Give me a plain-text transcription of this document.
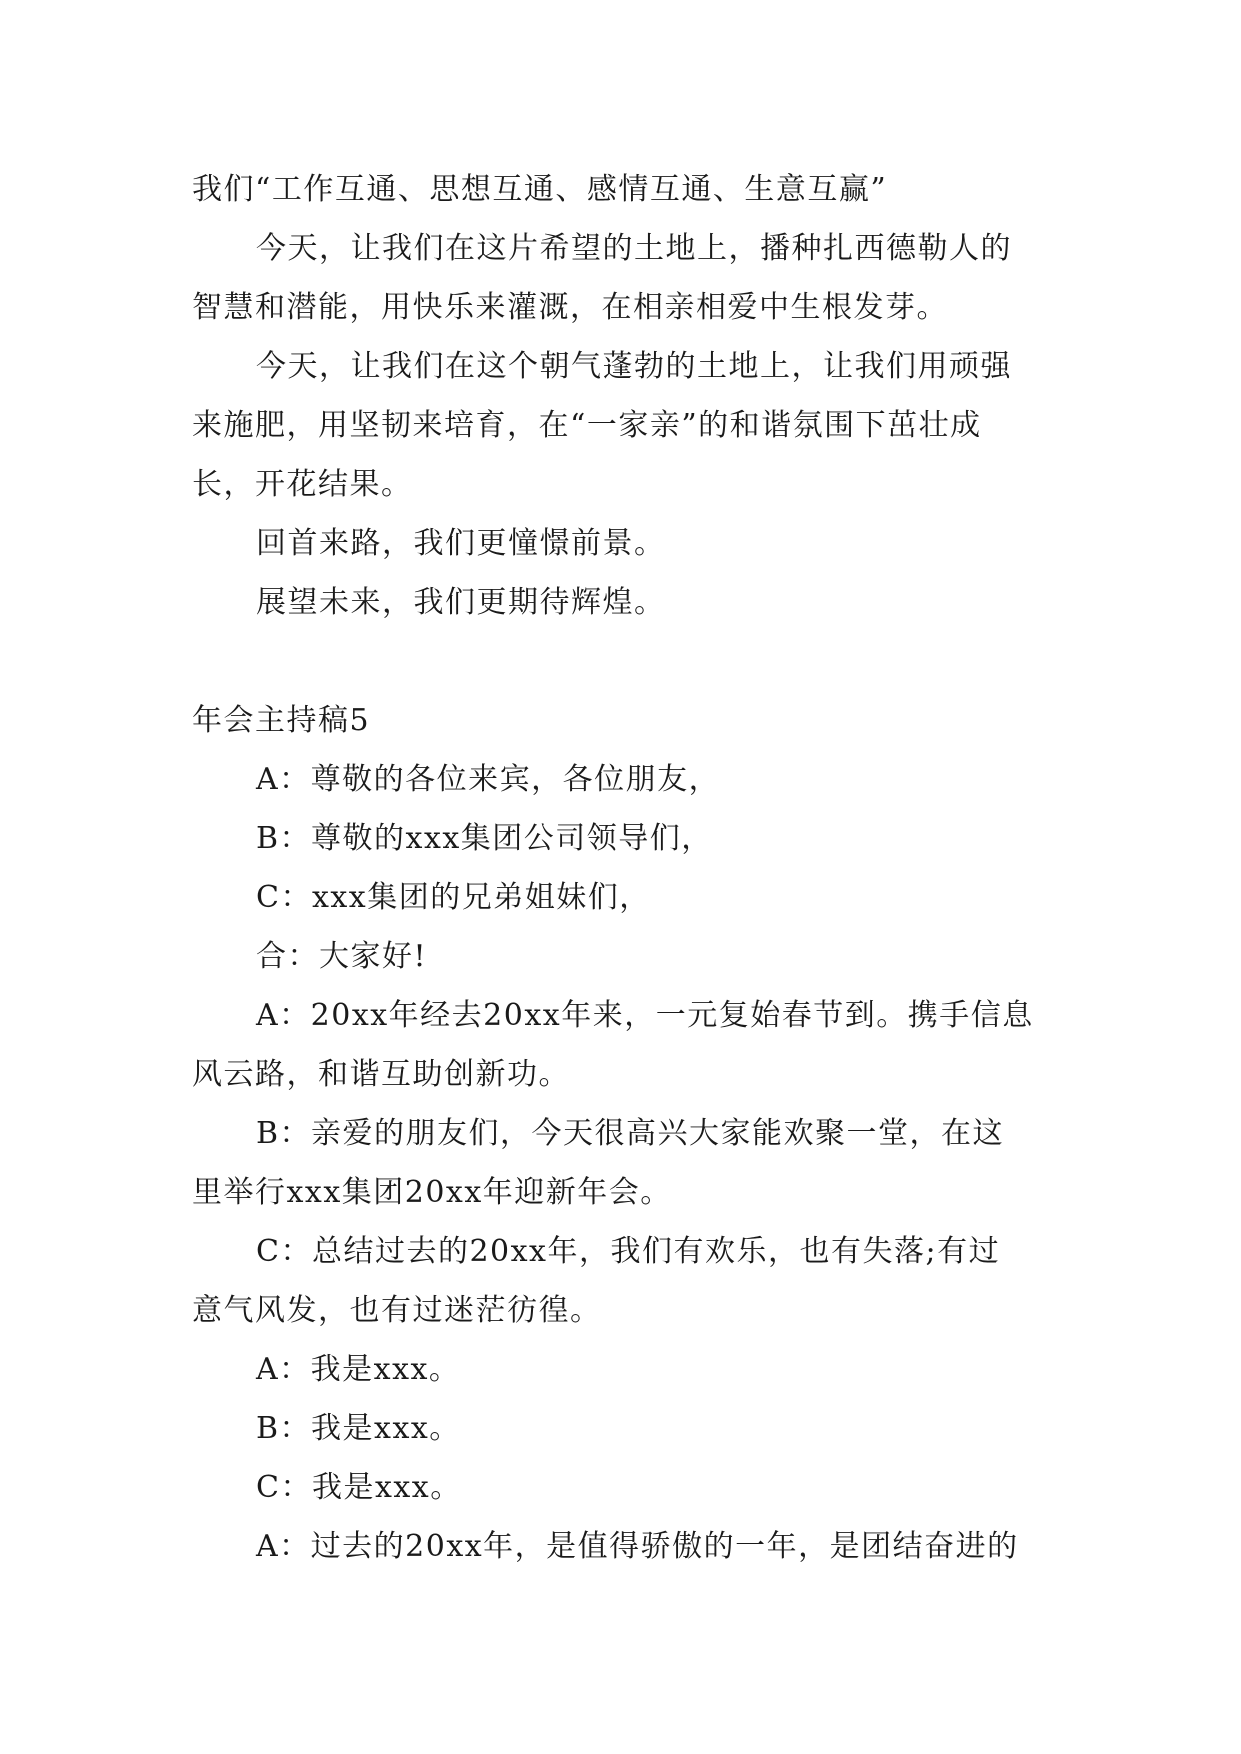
我们“工作互通、思想互通、感情互通、生意互赢”
今天，让我们在这片希望的土地上，播种扎西德勒人的
智慧和潜能，用快乐来灌溉，在相亲相爱中生根发芽。
今天，让我们在这个朝气蓬勃的土地上，让我们用顽强
来施肥，用坚韧来培育，在“一家亲”的和谐氛围下茁壮成
长，开花结果。
回首来路，我们更憧憬前景。
展望未来，我们更期待辉煌。
年会主持稿5
A：尊敬的各位来宾，各位朋友，
B：尊敬的xxx集团公司领导们，
C：xxx集团的兄弟姐妹们，
合：大家好!
A：20xx年经去20xx年来，一元复始春节到。携手信息
风云路，和谐互助创新功。
B：亲爱的朋友们，今天很高兴大家能欢聚一堂，在这
里举行xxx集团20xx年迎新年会。
C：总结过去的20xx年，我们有欢乐，也有失落;有过
意气风发，也有过迷茫彷徨。
A：我是xxx。
B：我是xxx。
C：我是xxx。
A：过去的20xx年，是值得骄傲的一年，是团结奋进的
